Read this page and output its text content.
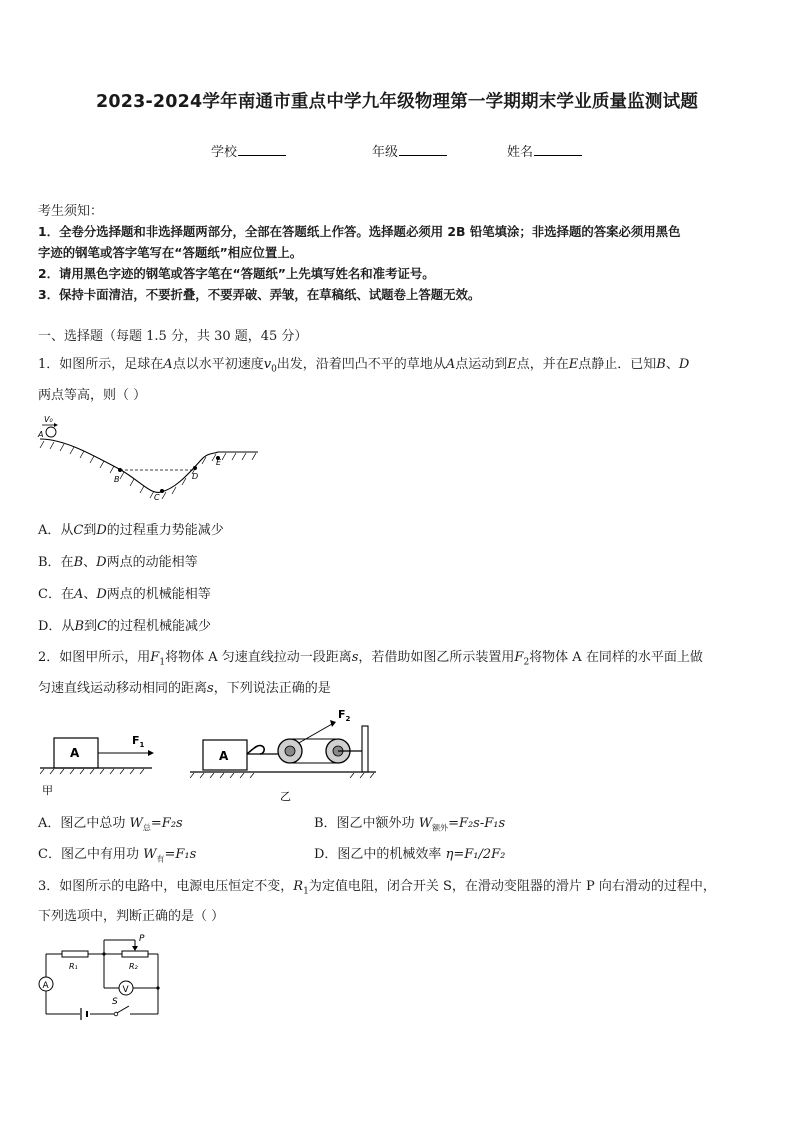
2023-2024学年南通市重点中学九年级物理第一学期期末学业质量监测试题
学校	年级	姓名
考生须知：
1．全卷分选择题和非选择题两部分，全部在答题纸上作答。选择题必须用 2B 铅笔填涂；非选择题的答案必须用黑色
字迹的钢笔或答字笔写在“答题纸”相应位置上。
2．请用黑色字迹的钢笔或答字笔在“答题纸”上先填写姓名和准考证号。
3．保持卡面清洁，不要折叠，不要弄破、弄皱，在草稿纸、试题卷上答题无效。
一、选择题（每题 1.5 分，共 30 题，45 分）
1．如图所示，足球在A点以水平初速度$v_0$出发，沿着凹凸不平的草地从A点运动到E点，并在E点静止．已知B、D
两点等高，则（ ）
V₀
A
B
C
D
E
A．从C到D的过程重力势能减少
B．在B、D两点的动能相等
C．在A、D两点的机械能相等
D．从B到C的过程机械能减少
2．如图甲所示，用$F_1$将物体 A 匀速直线拉动一段距离s，若借助如图乙所示装置用$F_2$将物体 A 在同样的水平面上做
匀速直线运动移动相同的距离s，下列说法正确的是
A
$F_1$
甲
$F_2$
A
乙
A．图乙中总功 $W_总=F_2s$	B．图乙中额外功 $W_{额外}=F_2s$-F₁s
C．图乙中有用功 $W_有=F_1s$	D．图乙中的机械效率 η=F₁/2F₂
3．如图所示的电路中，电源电压恒定不变，$R_1$为定值电阻，闭合开关 S，在滑动变阻器的滑片 P 向右滑动的过程中，
下列选项中，判断正确的是（ ）
S
A
R₁	R₂
P
V
